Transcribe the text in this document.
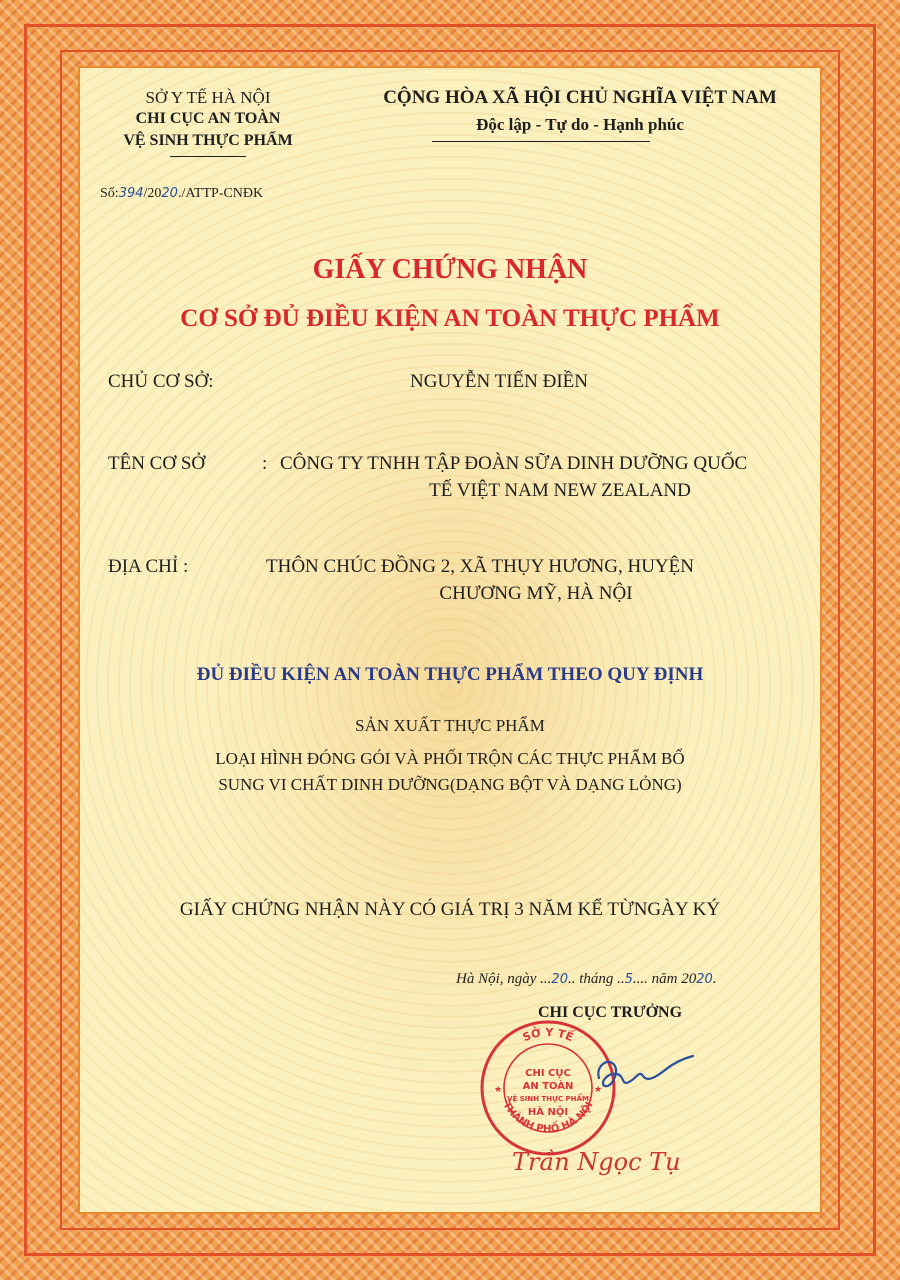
SỞ Y TẾ HÀ NỘI
CHI CỤC AN TOÀN
VỆ SINH THỰC PHẨM
CỘNG HÒA XÃ HỘI CHỦ NGHĨA VIỆT NAM
Độc lập - Tự do - Hạnh phúc
Số:394/2020./ATTP-CNĐK
GIẤY CHỨNG NHẬN
CƠ SỞ ĐỦ ĐIỀU KIỆN AN TOÀN THỰC PHẨM
CHỦ CƠ SỞ:	NGUYỄN TIẾN ĐIỀN
TÊN CƠ SỞ	: CÔNG TY TNHH TẬP ĐOÀN SỮA DINH DƯỠNG QUỐC
TẾ VIỆT NAM NEW ZEALAND
ĐỊA CHỈ :	THÔN CHÚC ĐỒNG 2, XÃ THỤY HƯƠNG, HUYỆN
CHƯƠNG MỸ, HÀ NỘI
ĐỦ ĐIỀU KIỆN AN TOÀN THỰC PHẨM THEO QUY ĐỊNH
SẢN XUẤT THỰC PHẨM
LOẠI HÌNH ĐÓNG GÓI VÀ PHỐI TRỘN CÁC THỰC PHẨM BỔ
SUNG VI CHẤT DINH DƯỠNG(DẠNG BỘT VÀ DẠNG LỎNG)
GIẤY CHỨNG NHẬN NÀY CÓ GIÁ TRỊ 3 NĂM KỂ TỪNGÀY KÝ
Hà Nội, ngày ...20.. tháng ..5.... năm 2020.
CHI CỤC TRƯỞNG
SỞ Y TẾ
THÀNH PHỐ HÀ NỘI
★	★
CHI CỤC
AN TOÀN
VỆ SINH THỰC PHẨM
HÀ NỘI
Trần Ngọc Tụ
